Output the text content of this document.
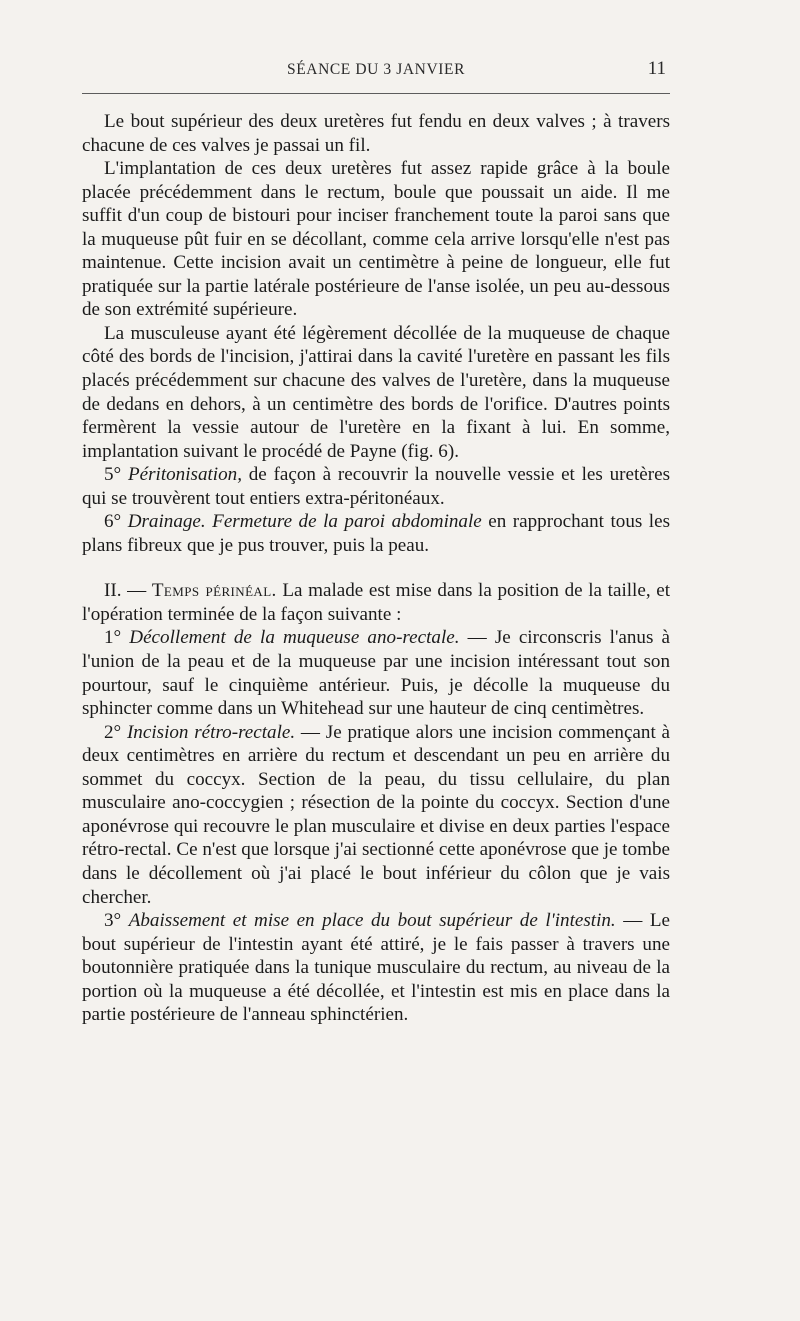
SÉANCE DU 3 JANVIER	11

Le bout supérieur des deux uretères fut fendu en deux valves ; à travers chacune de ces valves je passai un fil.

L'implantation de ces deux uretères fut assez rapide grâce à la boule placée précédemment dans le rectum, boule que poussait un aide. Il me suffit d'un coup de bistouri pour inciser franchement toute la paroi sans que la muqueuse pût fuir en se décollant, comme cela arrive lorsqu'elle n'est pas maintenue. Cette incision avait un centimètre à peine de longueur, elle fut pratiquée sur la partie latérale postérieure de l'anse isolée, un peu au-dessous de son extrémité supérieure.

La musculeuse ayant été légèrement décollée de la muqueuse de chaque côté des bords de l'incision, j'attirai dans la cavité l'uretère en passant les fils placés précédemment sur chacune des valves de l'uretère, dans la muqueuse de dedans en dehors, à un centimètre des bords de l'orifice. D'autres points fermèrent la vessie autour de l'uretère en la fixant à lui. En somme, implantation suivant le procédé de Payne (fig. 6).

5° Péritonisation, de façon à recouvrir la nouvelle vessie et les uretères qui se trouvèrent tout entiers extra-péritonéaux.

6° Drainage. Fermeture de la paroi abdominale en rapprochant tous les plans fibreux que je pus trouver, puis la peau.

II. — Temps périnéal. La malade est mise dans la position de la taille, et l'opération terminée de la façon suivante :

1° Décollement de la muqueuse ano-rectale. — Je circonscris l'anus à l'union de la peau et de la muqueuse par une incision intéressant tout son pourtour, sauf le cinquième antérieur. Puis, je décolle la muqueuse du sphincter comme dans un Whitehead sur une hauteur de cinq centimètres.

2° Incision rétro-rectale. — Je pratique alors une incision commençant à deux centimètres en arrière du rectum et descendant un peu en arrière du sommet du coccyx. Section de la peau, du tissu cellulaire, du plan musculaire ano-coccygien ; résection de la pointe du coccyx. Section d'une aponévrose qui recouvre le plan musculaire et divise en deux parties l'espace rétro-rectal. Ce n'est que lorsque j'ai sectionné cette aponévrose que je tombe dans le décollement où j'ai placé le bout inférieur du côlon que je vais chercher.

3° Abaissement et mise en place du bout supérieur de l'intestin. — Le bout supérieur de l'intestin ayant été attiré, je le fais passer à travers une boutonnière pratiquée dans la tunique musculaire du rectum, au niveau de la portion où la muqueuse a été décollée, et l'intestin est mis en place dans la partie postérieure de l'anneau sphinctérien.
